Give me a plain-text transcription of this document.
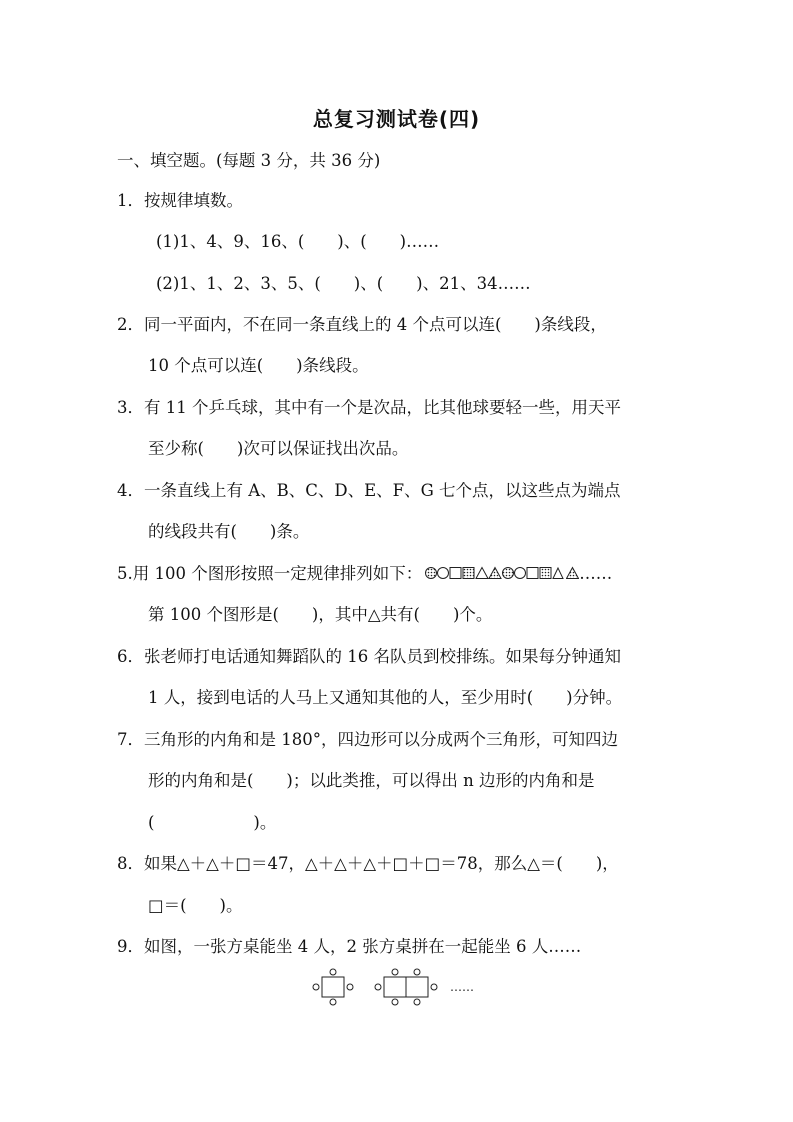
总复习测试卷(四)
一、填空题。(每题 3 分，共 36 分)
1．按规律填数。
(1)1、4、9、16、(　　)、(　　)……
(2)1、1、2、3、5、(　　)、(　　)、21、34……
2．同一平面内，不在同一条直线上的 4 个点可以连(　　)条线段，
10 个点可以连(　　)条线段。
3．有 11 个乒乓球，其中有一个是次品，比其他球要轻一些，用天平
至少称(　　)次可以保证找出次品。
4．一条直线上有 A、B、C、D、E、F、G 七个点，以这些点为端点
的线段共有(　　)条。
5.用 100 个图形按照一定规律排列如下：	……
第 100 个图形是(　　)，其中△共有(　　)个。
6．张老师打电话通知舞蹈队的 16 名队员到校排练。如果每分钟通知
1 人，接到电话的人马上又通知其他的人，至少用时(　　)分钟。
7．三角形的内角和是 180°，四边形可以分成两个三角形，可知四边
形的内角和是(　　)；以此类推，可以得出 n 边形的内角和是
(　　　　　　)。
8．如果△＋△＋□＝47，△＋△＋△＋□＋□＝78，那么△＝(　　)，
□＝(　　)。
9．如图，一张方桌能坐 4 人，2 张方桌拼在一起能坐 6 人……
……
